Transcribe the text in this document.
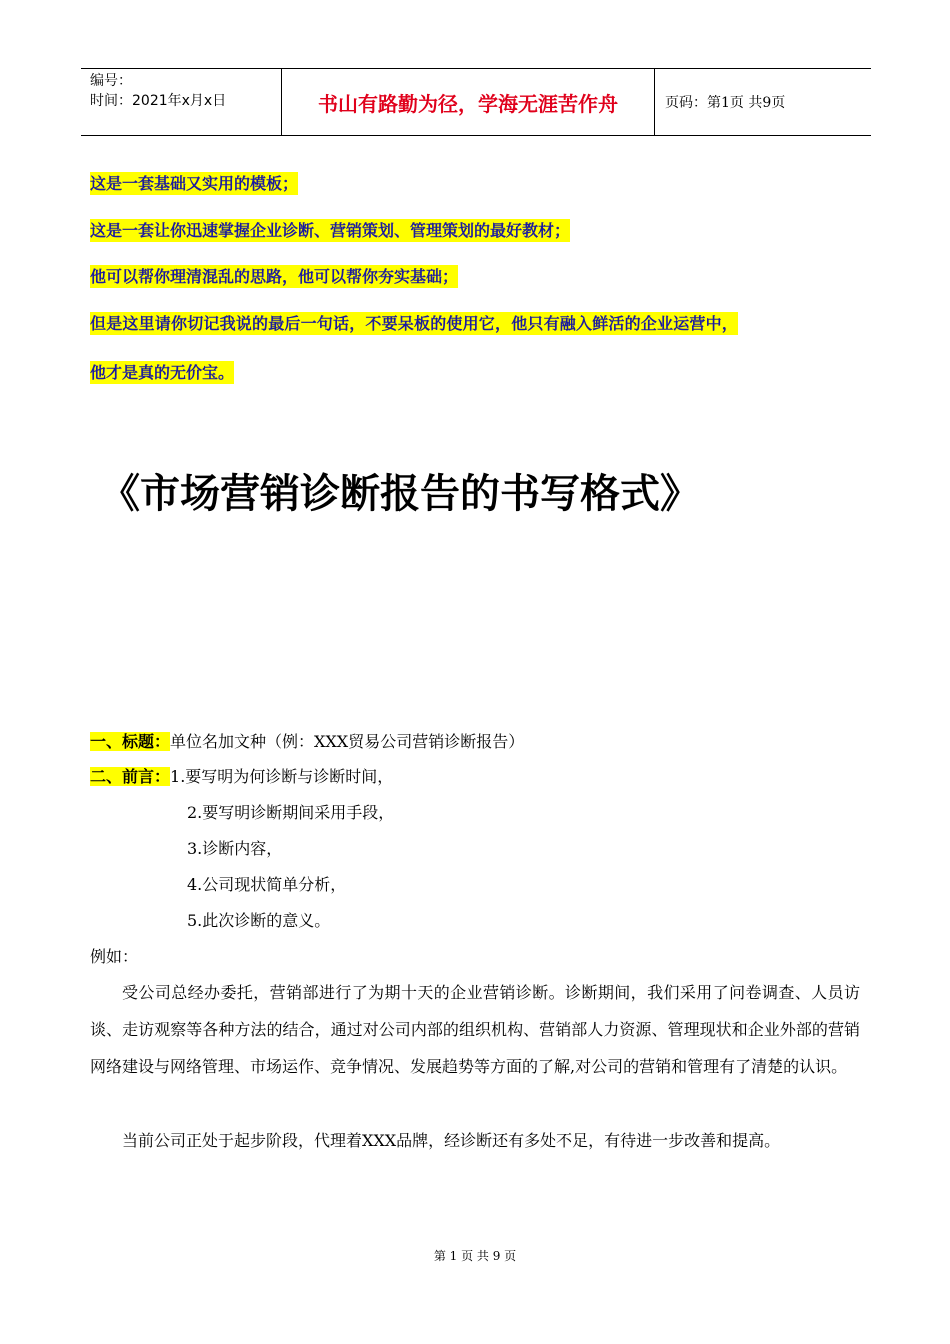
编号：
时间：2021年x月x日	书山有路勤为径，学海无涯苦作舟	页码：第1页 共9页
这是一套基础又实用的模板；
这是一套让你迅速掌握企业诊断、营销策划、管理策划的最好教材；
他可以帮你理清混乱的思路，他可以帮你夯实基础；
但是这里请你切记我说的最后一句话，不要呆板的使用它，他只有融入鲜活的企业运营中，
他才是真的无价宝。
《市场营销诊断报告的书写格式》
一、标题：单位名加文种（例：XXX贸易公司营销诊断报告）
二、前言：1.要写明为何诊断与诊断时间，
2.要写明诊断期间采用手段，
3.诊断内容，
4.公司现状简单分析，
5.此次诊断的意义。
例如：
受公司总经办委托，营销部进行了为期十天的企业营销诊断。诊断期间，我们采用了问卷调查、人员访谈、走访观察等各种方法的结合，通过对公司内部的组织机构、营销部人力资源、管理现状和企业外部的营销网络建设与网络管理、市场运作、竞争情况、发展趋势等方面的了解,对公司的营销和管理有了清楚的认识。
当前公司正处于起步阶段，代理着XXX品牌，经诊断还有多处不足，有待进一步改善和提高。
第 1 页 共 9 页
